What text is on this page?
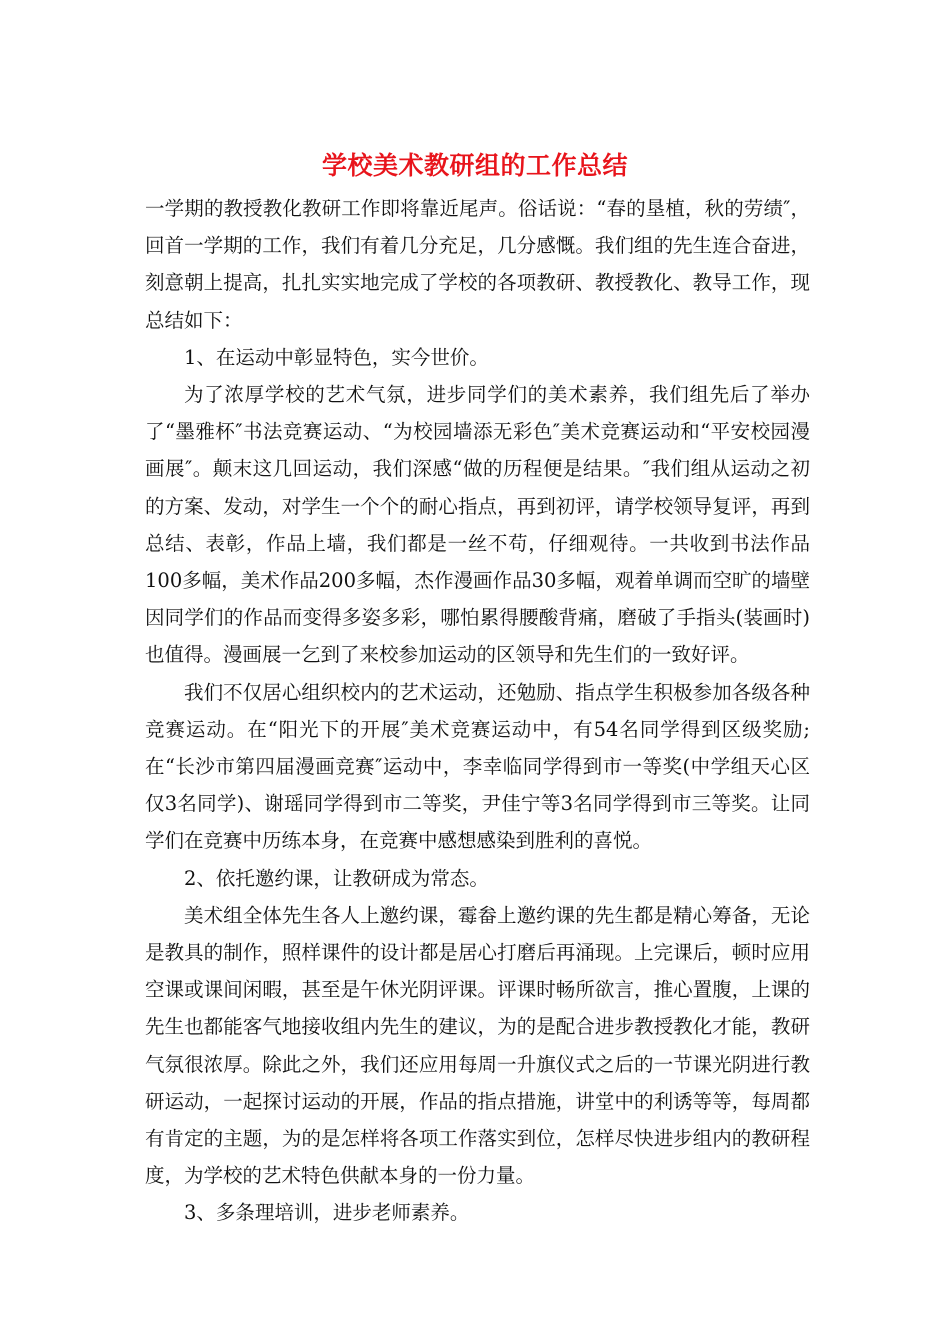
学校美术教研组的工作总结

一学期的教授教化教研工作即将靠近尾声。俗话说：“春的垦植，秋的劳绩″，回首一学期的工作，我们有着几分充足，几分感慨。我们组的先生连合奋进，刻意朝上提高，扎扎实实地完成了学校的各项教研、教授教化、教导工作，现总结如下：

1、在运动中彰显特色，实今世价。

为了浓厚学校的艺术气氛，进步同学们的美术素养，我们组先后了举办了“墨雅杯″书法竞赛运动、“为校园墙添无彩色″美术竞赛运动和“平安校园漫画展″。颠末这几回运动，我们深感“做的历程便是结果。″我们组从运动之初的方案、发动，对学生一个个的耐心指点，再到初评，请学校领导复评，再到总结、表彰，作品上墙，我们都是一丝不苟，仔细观待。一共收到书法作品100多幅，美术作品200多幅，杰作漫画作品30多幅，观着单调而空旷的墙壁因同学们的作品而变得多姿多彩，哪怕累得腰酸背痛，磨破了手指头(装画时)也值得。漫画展一乞到了来校参加运动的区领导和先生们的一致好评。

我们不仅居心组织校内的艺术运动，还勉励、指点学生积极参加各级各种竞赛运动。在“阳光下的开展″美术竞赛运动中，有54名同学得到区级奖励;在“长沙市第四届漫画竞赛″运动中，李幸临同学得到市一等奖(中学组天心区仅3名同学)、谢瑶同学得到市二等奖，尹佳宁等3名同学得到市三等奖。让同学们在竞赛中历练本身，在竞赛中感想感染到胜利的喜悦。

2、依托邀约课，让教研成为常态。

美术组全体先生各人上邀约课，霉畚上邀约课的先生都是精心筹备，无论是教具的制作，照样课件的设计都是居心打磨后再涌现。上完课后，顿时应用空课或课间闲暇，甚至是午休光阴评课。评课时畅所欲言，推心置腹，上课的先生也都能客气地接收组内先生的建议，为的是配合进步教授教化才能，教研气氛很浓厚。除此之外，我们还应用每周一升旗仪式之后的一节课光阴进行教研运动，一起探讨运动的开展，作品的指点措施，讲堂中的利诱等等，每周都有肯定的主题，为的是怎样将各项工作落实到位，怎样尽快进步组内的教研程度，为学校的艺术特色供献本身的一份力量。

3、多条理培训，进步老师素养。
